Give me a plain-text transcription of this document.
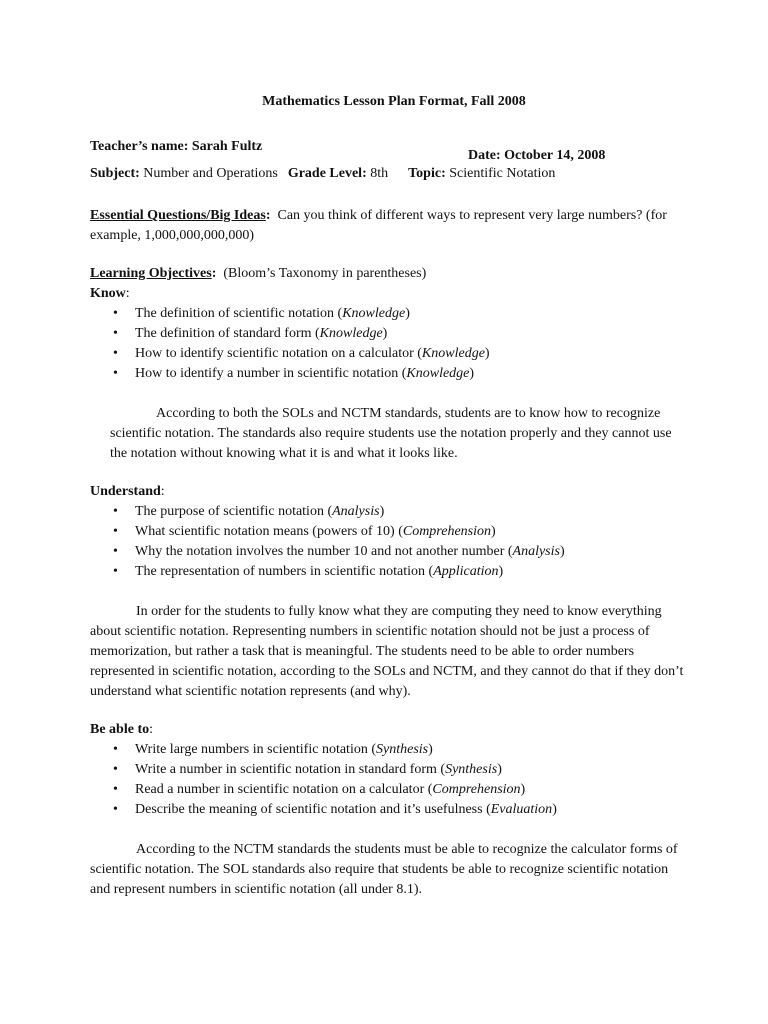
Mathematics Lesson Plan Format, Fall 2008
Teacher’s name:
Sarah Fultz
Date: October 14, 2008
Subject:
Number and Operations Grade Level:
8th Topic:
Scientific Notation
Essential Questions/Big Ideas: Can you think of different ways to represent very large numbers? (for example, 1,000,000,000,000)
Learning Objectives: (Bloom’s Taxonomy in parentheses)
Know:
• The definition of scientific notation (Knowledge)
• The definition of standard form (Knowledge)
• How to identify scientific notation on a calculator (Knowledge)
• How to identify a number in scientific notation (Knowledge)
According to both the SOLs and NCTM standards, students are to know how to recognize scientific notation. The standards also require students use the notation properly and they cannot use the notation without knowing what it is and what it looks like.
Understand:
• The purpose of scientific notation (Analysis)
• What scientific notation means (powers of 10) (Comprehension)
• Why the notation involves the number 10 and not another number (Analysis)
• The representation of numbers in scientific notation (Application)
In order for the students to fully know what they are computing they need to know everything about scientific notation. Representing numbers in scientific notation should not be just a process of memorization, but rather a task that is meaningful. The students need to be able to order numbers represented in scientific notation, according to the SOLs and NCTM, and they cannot do that if they don’t understand what scientific notation represents (and why).
Be able to:
• Write large numbers in scientific notation (Synthesis)
• Write a number in scientific notation in standard form (Synthesis)
• Read a number in scientific notation on a calculator (Comprehension)
• Describe the meaning of scientific notation and it’s usefulness (Evaluation)
According to the NCTM standards the students must be able to recognize the calculator forms of scientific notation. The SOL standards also require that students be able to recognize scientific notation and represent numbers in scientific notation (all under 8.1).
